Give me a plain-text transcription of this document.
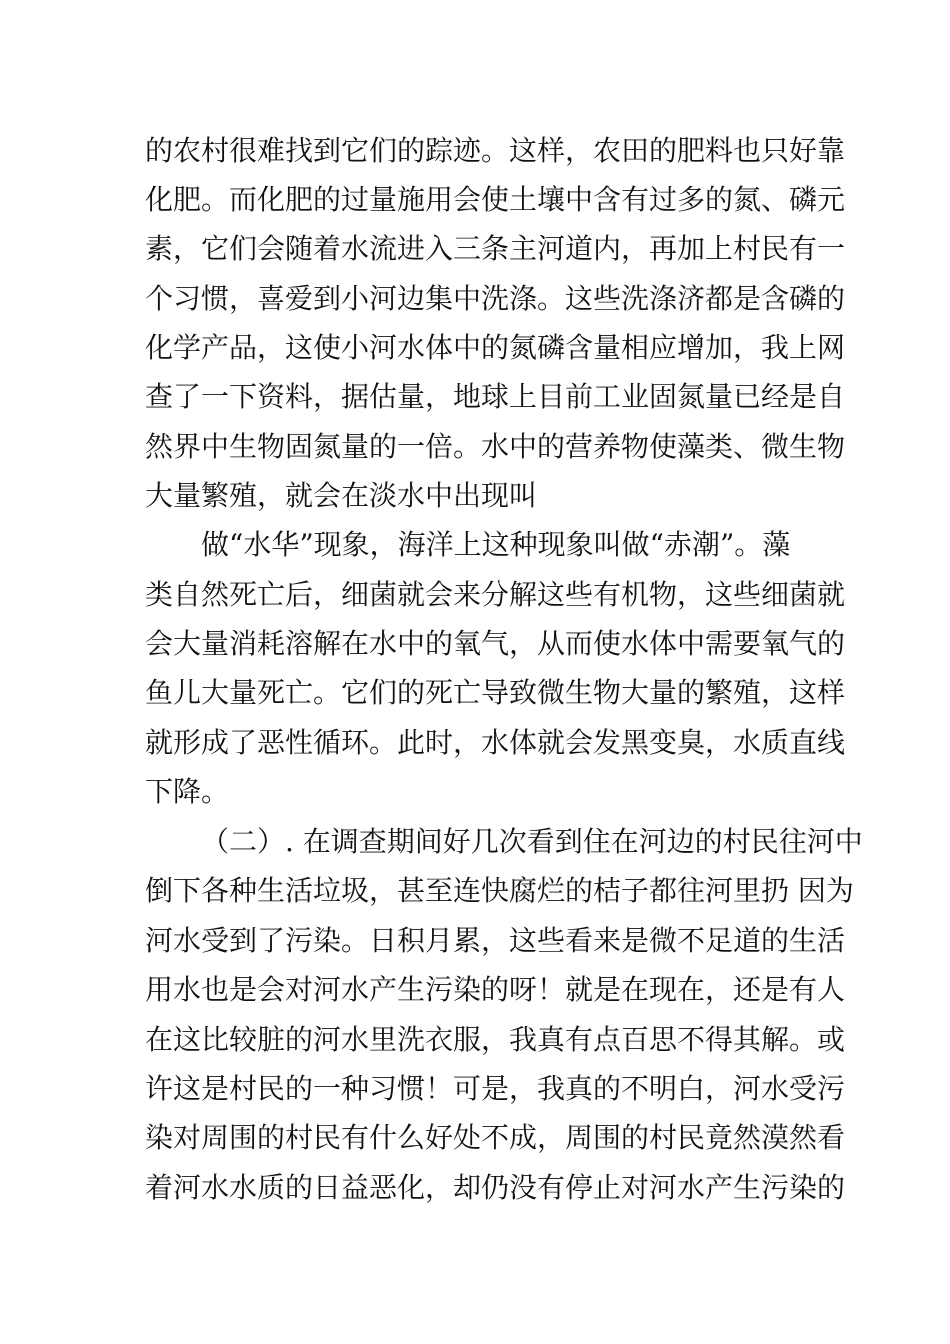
的农村很难找到它们的踪迹。这样，农田的肥料也只好靠
化肥。而化肥的过量施用会使土壤中含有过多的氮、磷元
素，它们会随着水流进入三条主河道内，再加上村民有一
个习惯，喜爱到小河边集中洗涤。这些洗涤济都是含磷的
化学产品，这使小河水体中的氮磷含量相应增加，我上网
查了一下资料，据估量，地球上目前工业固氮量已经是自
然界中生物固氮量的一倍。水中的营养物使藻类、微生物
大量繁殖，就会在淡水中出现叫
做“水华”现象，海洋上这种现象叫做“赤潮”。藻
类自然死亡后，细菌就会来分解这些有机物，这些细菌就
会大量消耗溶解在水中的氧气，从而使水体中需要氧气的
鱼儿大量死亡。它们的死亡导致微生物大量的繁殖，这样
就形成了恶性循环。此时，水体就会发黑变臭，水质直线
下降。
（二）. 在调查期间好几次看到住在河边的村民往河中
倒下各种生活垃圾，甚至连快腐烂的桔子都往河里扔 因为
河水受到了污染。日积月累，这些看来是微不足道的生活
用水也是会对河水产生污染的呀！就是在现在，还是有人
在这比较脏的河水里洗衣服，我真有点百思不得其解。或
许这是村民的一种习惯！可是，我真的不明白，河水受污
染对周围的村民有什么好处不成，周围的村民竟然漠然看
着河水水质的日益恶化，却仍没有停止对河水产生污染的
